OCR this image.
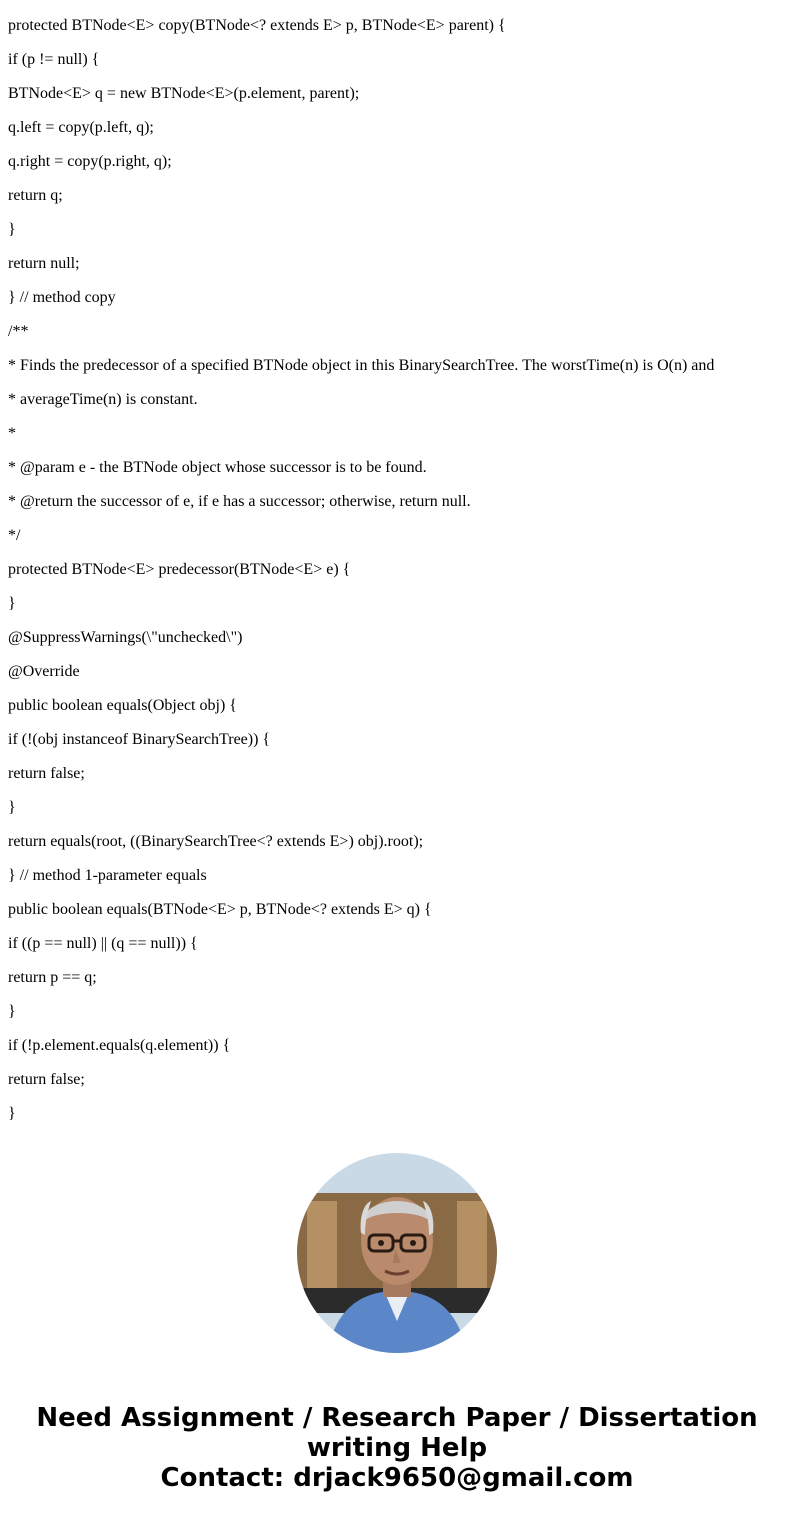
protected BTNode<E> copy(BTNode<? extends E> p, BTNode<E> parent) {

if (p != null) {

BTNode<E> q = new BTNode<E>(p.element, parent);

q.left = copy(p.left, q);

q.right = copy(p.right, q);

return q;

}

return null;

} // method copy

/**

* Finds the predecessor of a specified BTNode object in this BinarySearchTree. The worstTime(n) is O(n) and

* averageTime(n) is constant.

*

* @param e - the BTNode object whose successor is to be found.

* @return the successor of e, if e has a successor; otherwise, return null.

*/

protected BTNode<E> predecessor(BTNode<E> e) {

}

@SuppressWarnings(\"unchecked\")

@Override

public boolean equals(Object obj) {

if (!(obj instanceof BinarySearchTree)) {

return false;

}

return equals(root, ((BinarySearchTree<? extends E>) obj).root);

} // method 1-parameter equals

public boolean equals(BTNode<E> p, BTNode<? extends E> q) {

if ((p == null) || (q == null)) {

return p == q;

}

if (!p.element.equals(q.element)) {

return false;

}

Need Assignment / Research Paper / Dissertation
writing Help
Contact: drjack9650@gmail.com
